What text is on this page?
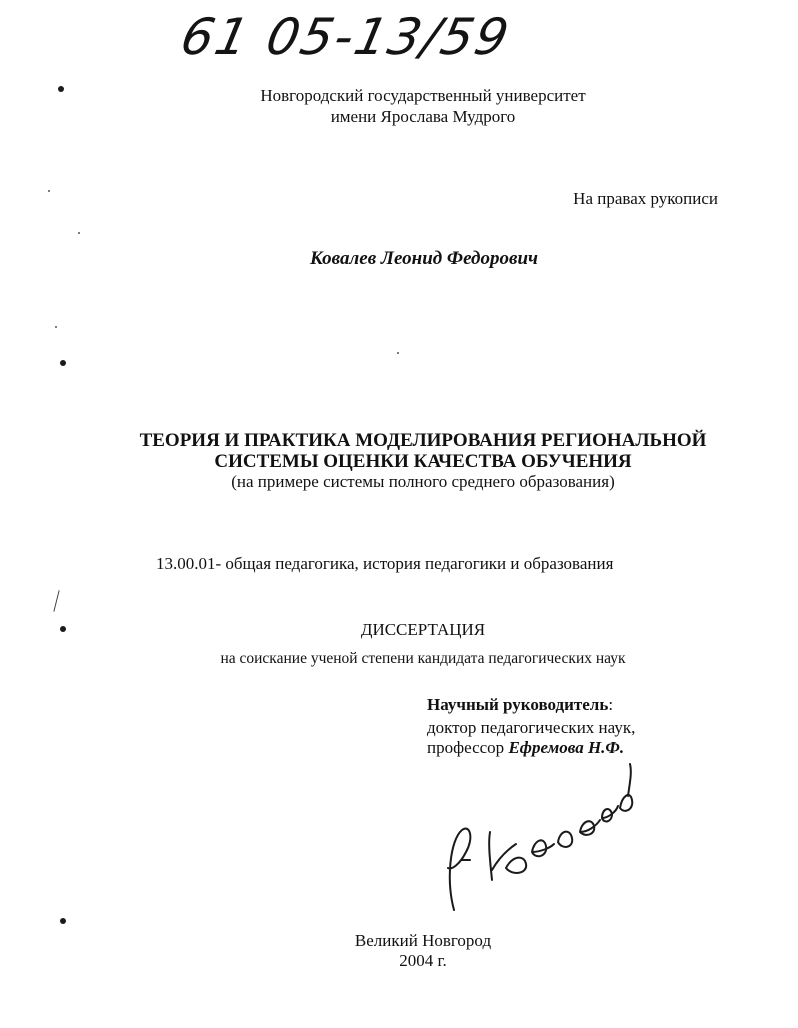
61 05-13/59
Новгородский государственный университет
имени Ярослава Мудрого
На правах рукописи
Ковалев Леонид Федорович
ТЕОРИЯ И ПРАКТИКА МОДЕЛИРОВАНИЯ РЕГИОНАЛЬНОЙ
СИСТЕМЫ ОЦЕНКИ КАЧЕСТВА ОБУЧЕНИЯ
(на примере системы полного среднего образования)
13.00.01- общая педагогика, история педагогики и образования
ДИССЕРТАЦИЯ
на соискание ученой степени кандидата педагогических наук
Научный руководитель:
доктор педагогических наук,
профессор Ефремова Н.Ф.
Великий Новгород
2004 г.
